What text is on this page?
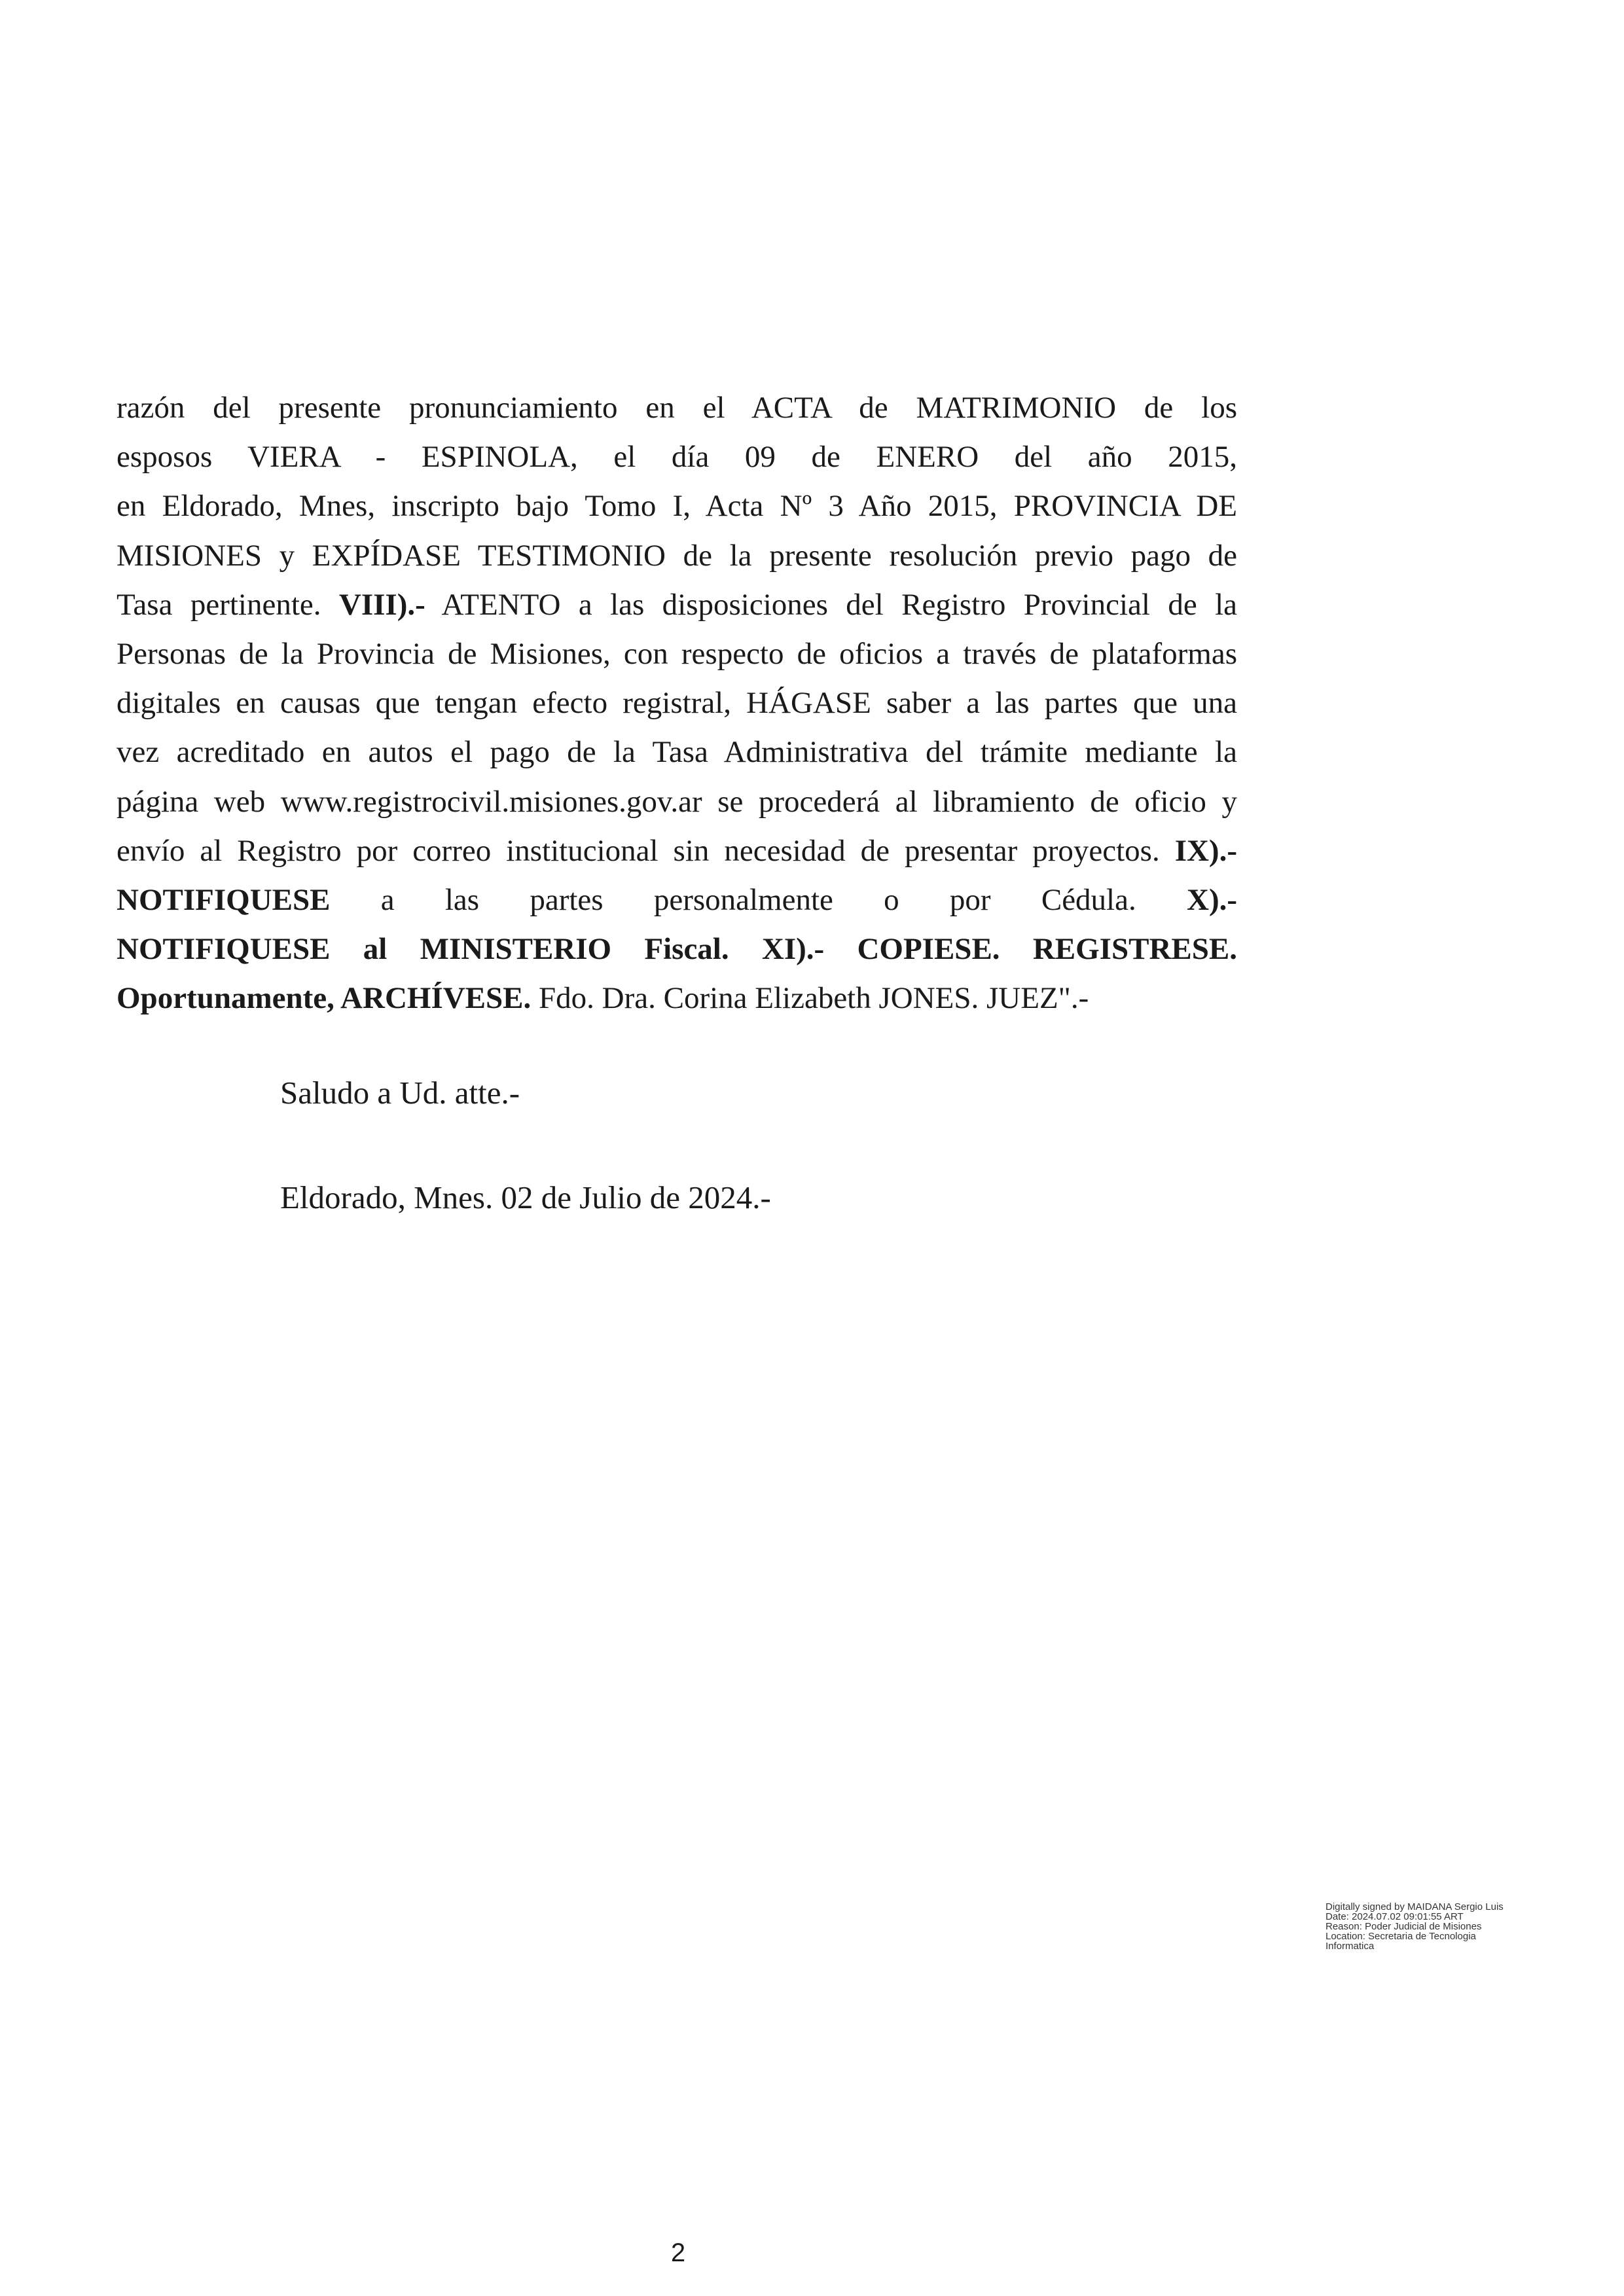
razón del presente pronunciamiento en el ACTA de MATRIMONIO de los
esposos VIERA - ESPINOLA, el día 09 de ENERO del año 2015,
en Eldorado, Mnes, inscripto bajo Tomo I, Acta Nº 3 Año 2015, PROVINCIA DE
MISIONES y EXPÍDASE TESTIMONIO de la presente resolución previo pago de
Tasa pertinente. VIII).- ATENTO a las disposiciones del Registro Provincial de la
Personas de la Provincia de Misiones, con respecto de oficios a través de plataformas
digitales en causas que tengan efecto registral, HÁGASE saber a las partes que una
vez acreditado en autos el pago de la Tasa Administrativa del trámite mediante la
página web www.registrocivil.misiones.gov.ar se procederá al libramiento de oficio y
envío al Registro por correo institucional sin necesidad de presentar proyectos. IX).-
NOTIFIQUESE a las partes personalmente o por Cédula. X).-
NOTIFIQUESE al MINISTERIO Fiscal. XI).- COPIESE. REGISTRESE.
Oportunamente, ARCHÍVESE. Fdo. Dra. Corina Elizabeth JONES. JUEZ".-
Saludo a Ud. atte.-
Eldorado, Mnes. 02 de Julio de 2024.-
Digitally signed by MAIDANA Sergio Luis
Date: 2024.07.02 09:01:55 ART
Reason: Poder Judicial de Misiones
Location: Secretaria de Tecnologia
Informatica
2
